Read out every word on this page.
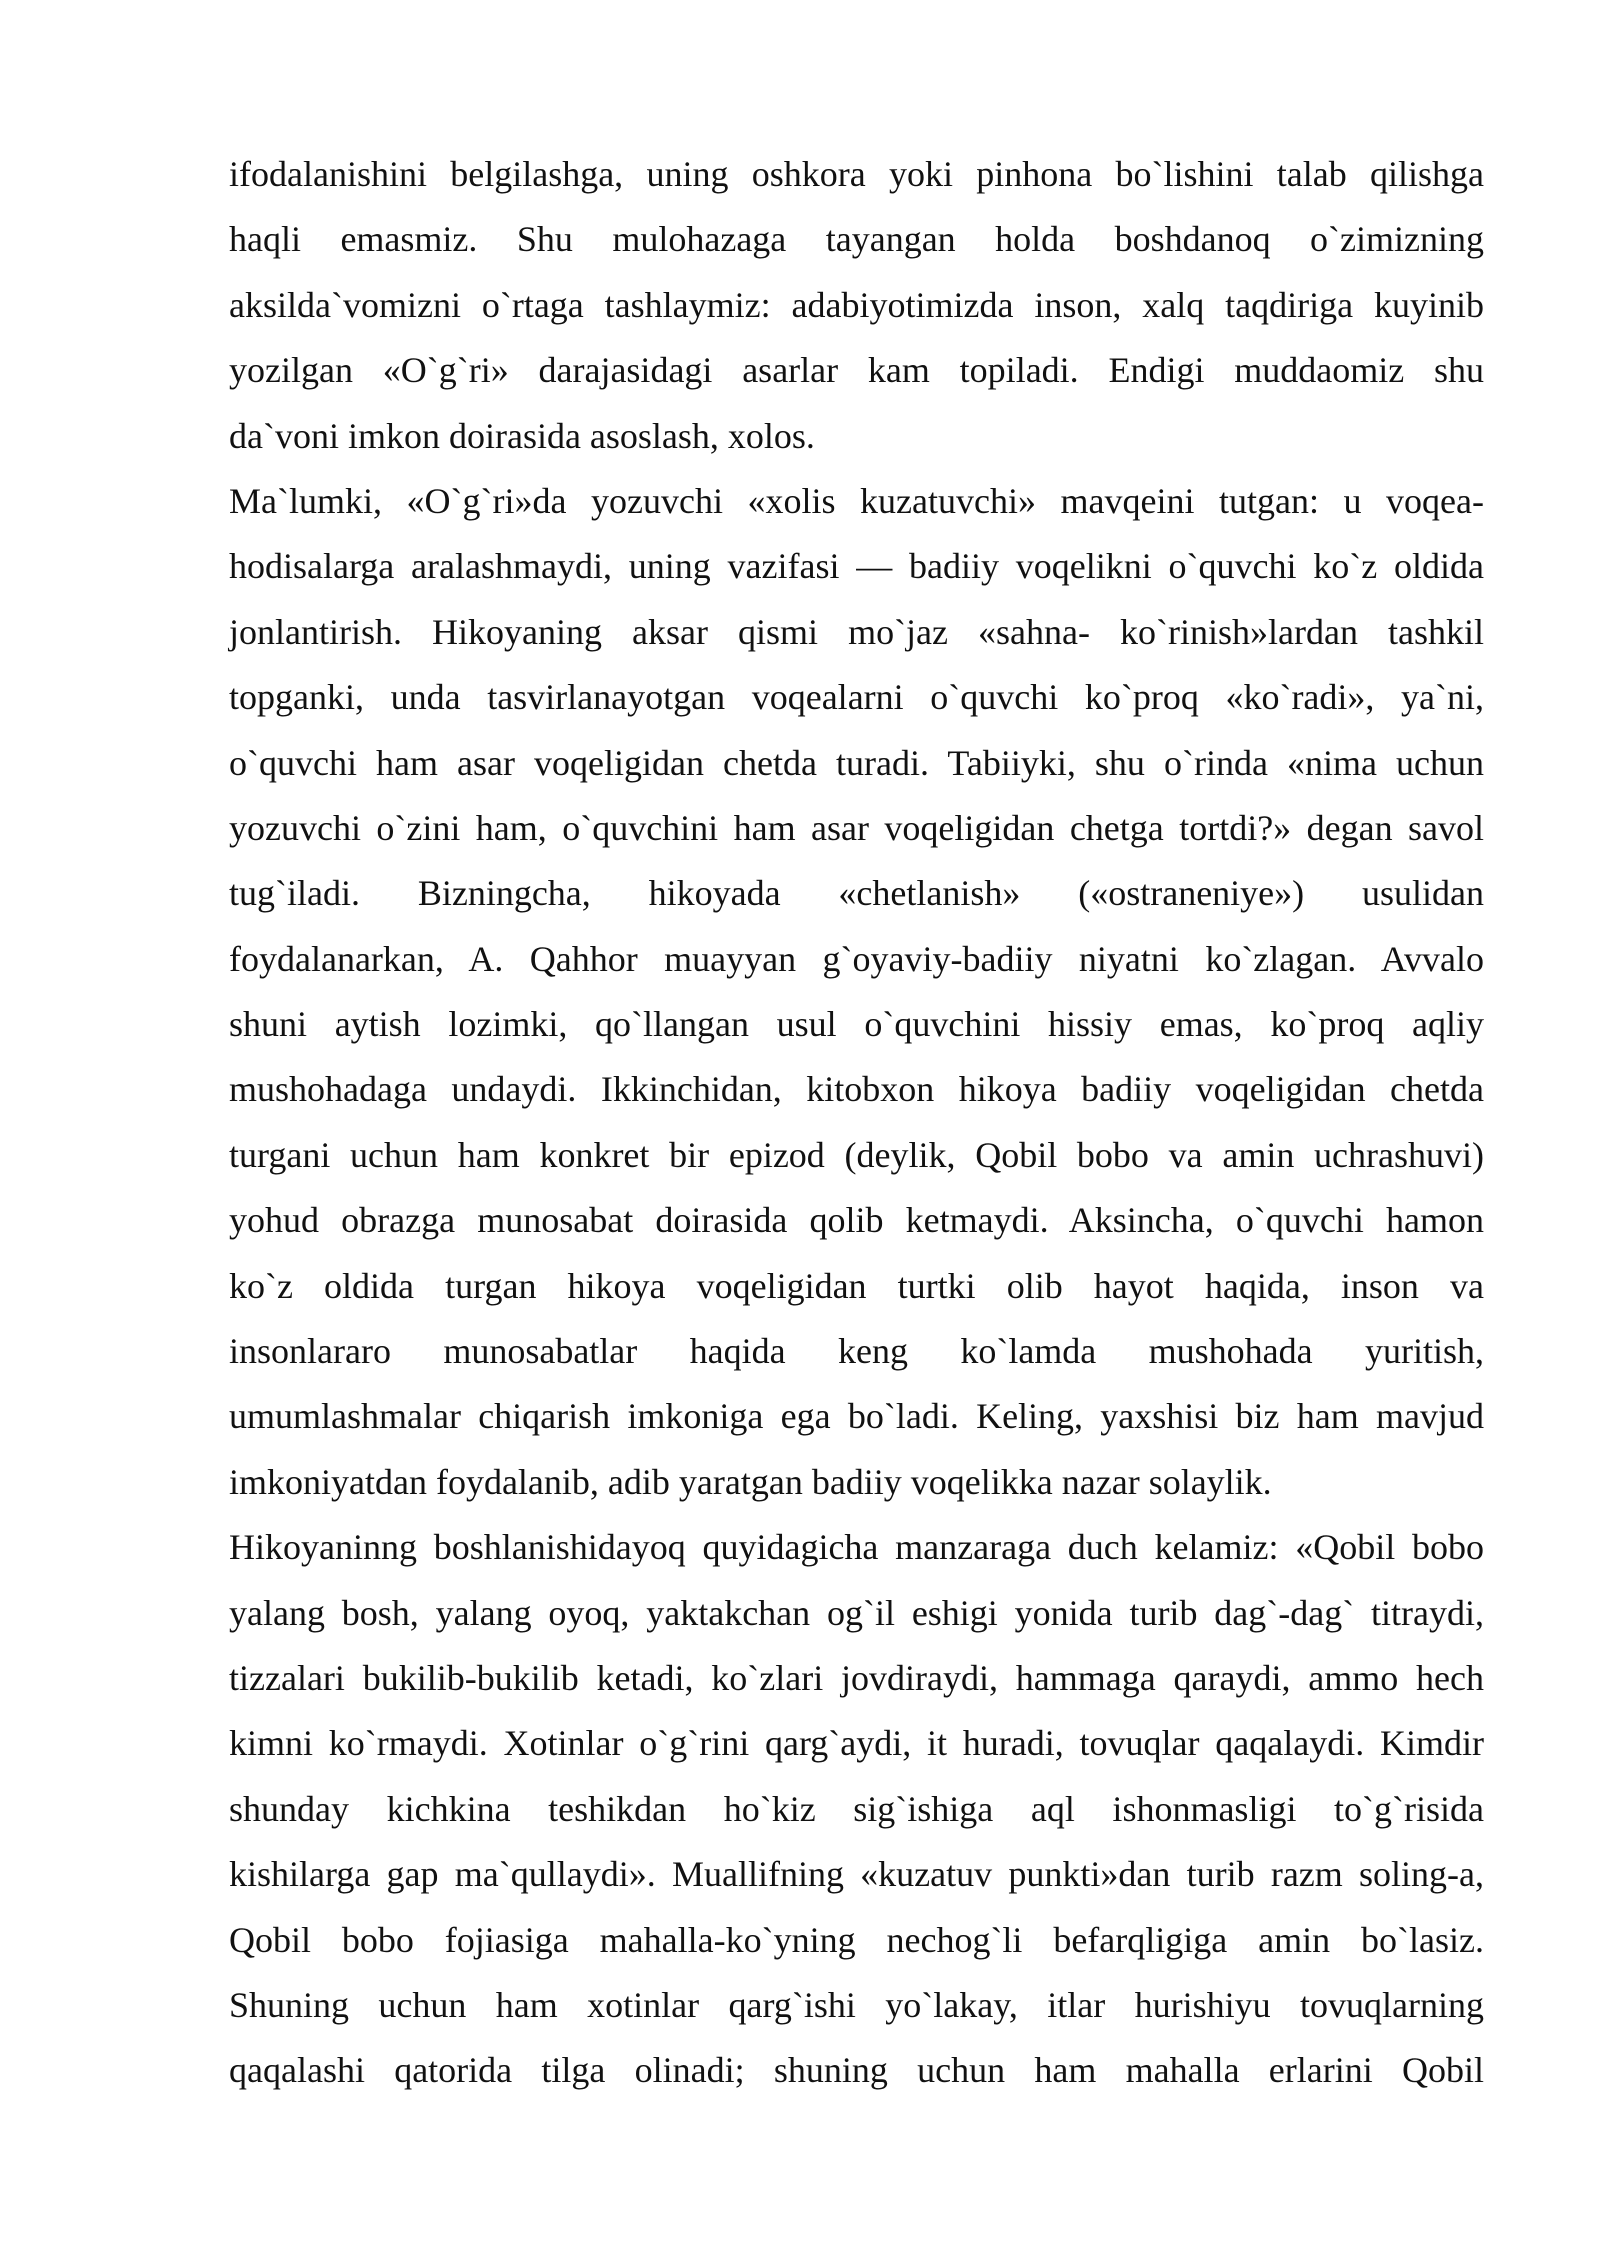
ifodalanishini belgilashga, uning oshkora yoki pinhona bo`lishini talab qilishga
haqli emasmiz. Shu mulohazaga tayangan holda boshdanoq o`zimizning
aksilda`vomizni o`rtaga tashlaymiz: adabiyotimizda inson, xalq taqdiriga kuyinib
yozilgan «O`g`ri» darajasidagi asarlar kam topiladi. Endigi muddaomiz shu
da`voni imkon doirasida asoslash, xolos.
Ma`lumki, «O`g`ri»da yozuvchi «xolis kuzatuvchi» mavqeini tutgan: u voqea-
hodisalarga aralashmaydi, uning vazifasi — badiiy voqelikni o`quvchi ko`z oldida
jonlantirish. Hikoyaning aksar qismi mo`jaz «sahna- ko`rinish»lardan tashkil
topganki, unda tasvirlanayotgan voqealarni o`quvchi ko`proq «ko`radi», ya`ni,
o`quvchi ham asar voqeligidan chetda turadi. Tabiiyki, shu o`rinda «nima uchun
yozuvchi o`zini ham, o`quvchini ham asar voqeligidan chetga tortdi?» degan savol
tug`iladi. Bizningcha, hikoyada «chetlanish» («ostraneniye») usulidan
foydalanarkan, A. Qahhor muayyan g`oyaviy-badiiy niyatni ko`zlagan. Avvalo
shuni aytish lozimki, qo`llangan usul o`quvchini hissiy emas, ko`proq aqliy
mushohadaga undaydi. Ikkinchidan, kitobxon hikoya badiiy voqeligidan chetda
turgani uchun ham konkret bir epizod (deylik, Qobil bobo va amin uchrashuvi)
yohud obrazga munosabat doirasida qolib ketmaydi. Aksincha, o`quvchi hamon
ko`z oldida turgan hikoya voqeligidan turtki olib hayot haqida, inson va
insonlararo munosabatlar haqida keng ko`lamda mushohada yuritish,
umumlashmalar chiqarish imkoniga ega bo`ladi. Keling, yaxshisi biz ham mavjud
imkoniyatdan foydalanib, adib yaratgan badiiy voqelikka nazar solaylik.
Hikoyaninng boshlanishidayoq quyidagicha manzaraga duch kelamiz: «Qobil bobo
yalang bosh, yalang oyoq, yaktakchan og`il eshigi yonida turib dag`-dag` titraydi,
tizzalari bukilib-bukilib ketadi, ko`zlari jovdiraydi, hammaga qaraydi, ammo hech
kimni ko`rmaydi. Xotinlar o`g`rini qarg`aydi, it huradi, tovuqlar qaqalaydi. Kimdir
shunday kichkina teshikdan ho`kiz sig`ishiga aql ishonmasligi to`g`risida
kishilarga gap ma`qullaydi». Muallifning «kuzatuv punkti»dan turib razm soling-a,
Qobil bobo fojiasiga mahalla-ko`yning nechog`li befarqligiga amin bo`lasiz.
Shuning uchun ham xotinlar qarg`ishi yo`lakay, itlar hurishiyu tovuqlarning
qaqalashi qatorida tilga olinadi; shuning uchun ham mahalla erlarini Qobil
